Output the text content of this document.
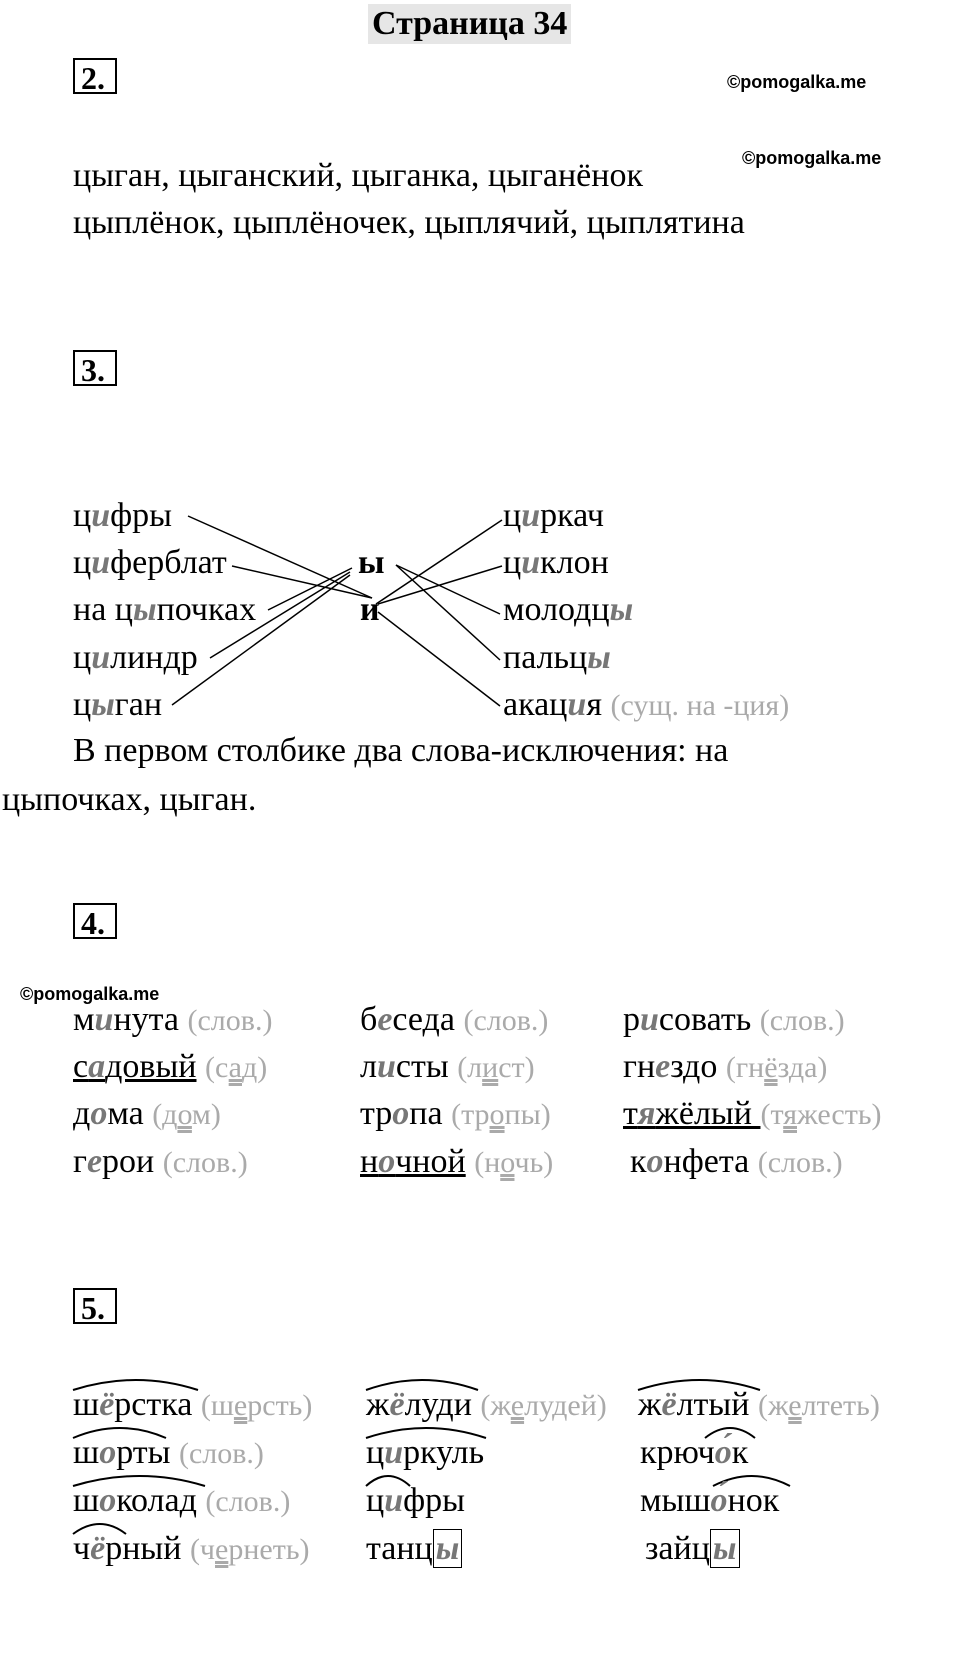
Страница 34
2.	©pomogalka.me
©pomogalka.me
цыган, цыганский, цыганка, цыганёнок
цыплёнок, цыплёночек, цыплячий, цыплятина
3.
цифры
циферблат
на цыпочках
цилиндр
цыган
ы
и
циркач
циклон
молодцы
пальцы
акация (сущ. на -ция)
В первом столбике два слова-исключения: на
цыпочках, цыган.
4.
©pomogalka.me
минута (слов.)
садовый (сад)
дома (дом)
герои (слов.)
беседа (слов.)
листы (лист)
тропа (тропы)
ночной (ночь)
рисовать (слов.)
гнездо (гнёзда)
тяжёлый (тяжесть)
конфета (слов.)
5.
шёрстка (шерсть)
шорты (слов.)
шоколад (слов.)
чёрный (чернеть)
жёлуди (желудей)
циркуль
цифры
танцы
жёлтый (желтеть)
крючо́к
мышо́нок
зайцы
